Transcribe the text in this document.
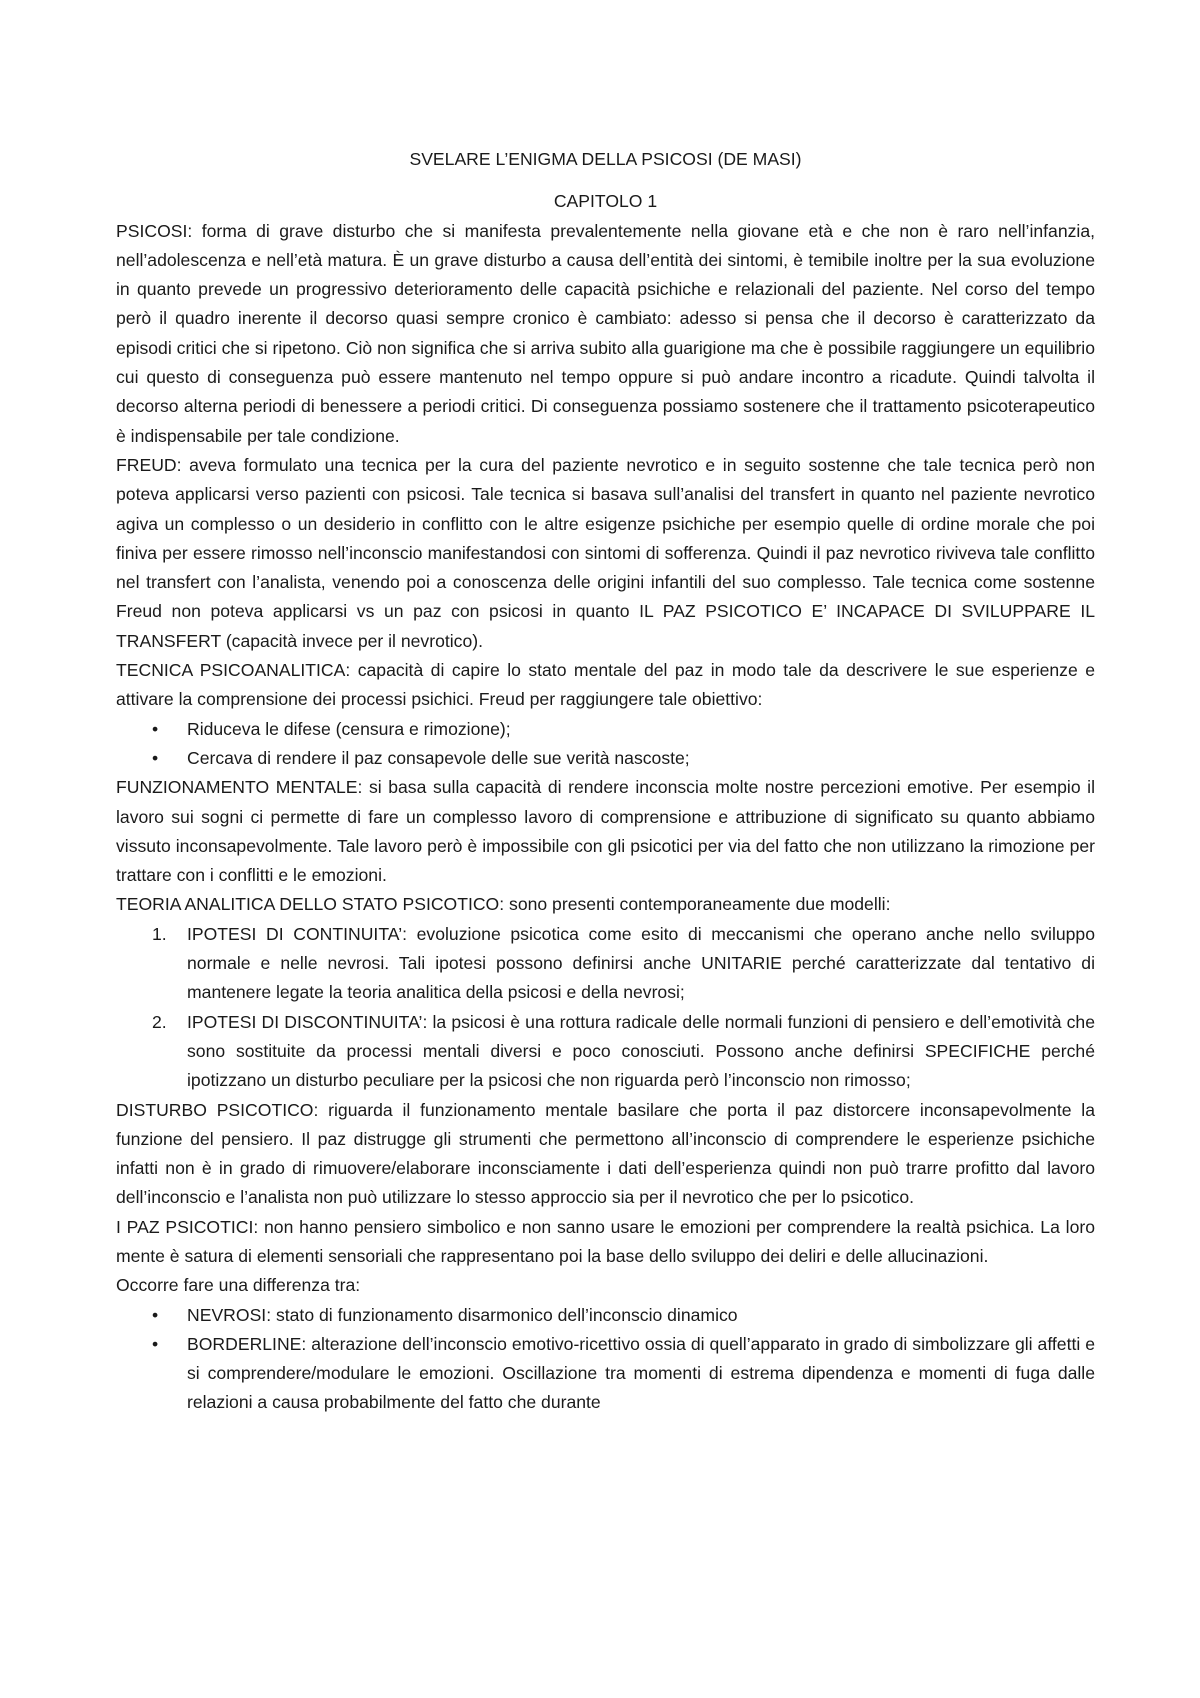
SVELARE L’ENIGMA DELLA PSICOSI (DE MASI)

CAPITOLO 1

PSICOSI: forma di grave disturbo che si manifesta prevalentemente nella giovane età e che non è raro nell’infanzia, nell’adolescenza e nell’età matura. È un grave disturbo a causa dell’entità dei sintomi, è temibile inoltre per la sua evoluzione in quanto prevede un progressivo deterioramento delle capacità psichiche e relazionali del paziente. Nel corso del tempo però il quadro inerente il decorso quasi sempre cronico è cambiato: adesso si pensa che il decorso è caratterizzato da episodi critici che si ripetono. Ciò non significa che si arriva subito alla guarigione ma che è possibile raggiungere un equilibrio cui questo di conseguenza può essere mantenuto nel tempo oppure si può andare incontro a ricadute. Quindi talvolta il decorso alterna periodi di benessere a periodi critici. Di conseguenza possiamo sostenere che il trattamento psicoterapeutico è indispensabile per tale condizione.

FREUD: aveva formulato una tecnica per la cura del paziente nevrotico e in seguito sostenne che tale tecnica però non poteva applicarsi verso pazienti con psicosi. Tale tecnica si basava sull’analisi del transfert in quanto nel paziente nevrotico agiva un complesso o un desiderio in conflitto con le altre esigenze psichiche per esempio quelle di ordine morale che poi finiva per essere rimosso nell’inconscio manifestandosi con sintomi di sofferenza. Quindi il paz nevrotico riviveva tale conflitto nel transfert con l’analista, venendo poi a conoscenza delle origini infantili del suo complesso. Tale tecnica come sostenne Freud non poteva applicarsi vs un paz con psicosi in quanto IL PAZ PSICOTICO E’ INCAPACE DI SVILUPPARE IL TRANSFERT (capacità invece per il nevrotico).

TECNICA PSICOANALITICA: capacità di capire lo stato mentale del paz in modo tale da descrivere le sue esperienze e attivare la comprensione dei processi psichici. Freud per raggiungere tale obiettivo:

• Riduceva le difese (censura e rimozione);
• Cercava di rendere il paz consapevole delle sue verità nascoste;

FUNZIONAMENTO MENTALE: si basa sulla capacità di rendere inconscia molte nostre percezioni emotive. Per esempio il lavoro sui sogni ci permette di fare un complesso lavoro di comprensione e attribuzione di significato su quanto abbiamo vissuto inconsapevolmente. Tale lavoro però è impossibile con gli psicotici per via del fatto che non utilizzano la rimozione per trattare con i conflitti e le emozioni.

TEORIA ANALITICA DELLO STATO PSICOTICO: sono presenti contemporaneamente due modelli:

1. IPOTESI DI CONTINUITA’: evoluzione psicotica come esito di meccanismi che operano anche nello sviluppo normale e nelle nevrosi. Tali ipotesi possono definirsi anche UNITARIE perché caratterizzate dal tentativo di mantenere legate la teoria analitica della psicosi e della nevrosi;
2. IPOTESI DI DISCONTINUITA’: la psicosi è una rottura radicale delle normali funzioni di pensiero e dell’emotività che sono sostituite da processi mentali diversi e poco conosciuti. Possono anche definirsi SPECIFICHE perché ipotizzano un disturbo peculiare per la psicosi che non riguarda però l’inconscio non rimosso;

DISTURBO PSICOTICO: riguarda il funzionamento mentale basilare che porta il paz distorcere inconsapevolmente la funzione del pensiero. Il paz distrugge gli strumenti che permettono all’inconscio di comprendere le esperienze psichiche infatti non è in grado di rimuovere/elaborare inconsciamente i dati dell’esperienza quindi non può trarre profitto dal lavoro dell’inconscio e l’analista non può utilizzare lo stesso approccio sia per il nevrotico che per lo psicotico.

I PAZ PSICOTICI: non hanno pensiero simbolico e non sanno usare le emozioni per comprendere la realtà psichica. La loro mente è satura di elementi sensoriali che rappresentano poi la base dello sviluppo dei deliri e delle allucinazioni.

Occorre fare una differenza tra:

• NEVROSI: stato di funzionamento disarmonico dell’inconscio dinamico
• BORDERLINE: alterazione dell’inconscio emotivo-ricettivo ossia di quell’apparato in grado di simbolizzare gli affetti e si comprendere/modulare le emozioni. Oscillazione tra momenti di estrema dipendenza e momenti di fuga dalle relazioni a causa probabilmente del fatto che durante
